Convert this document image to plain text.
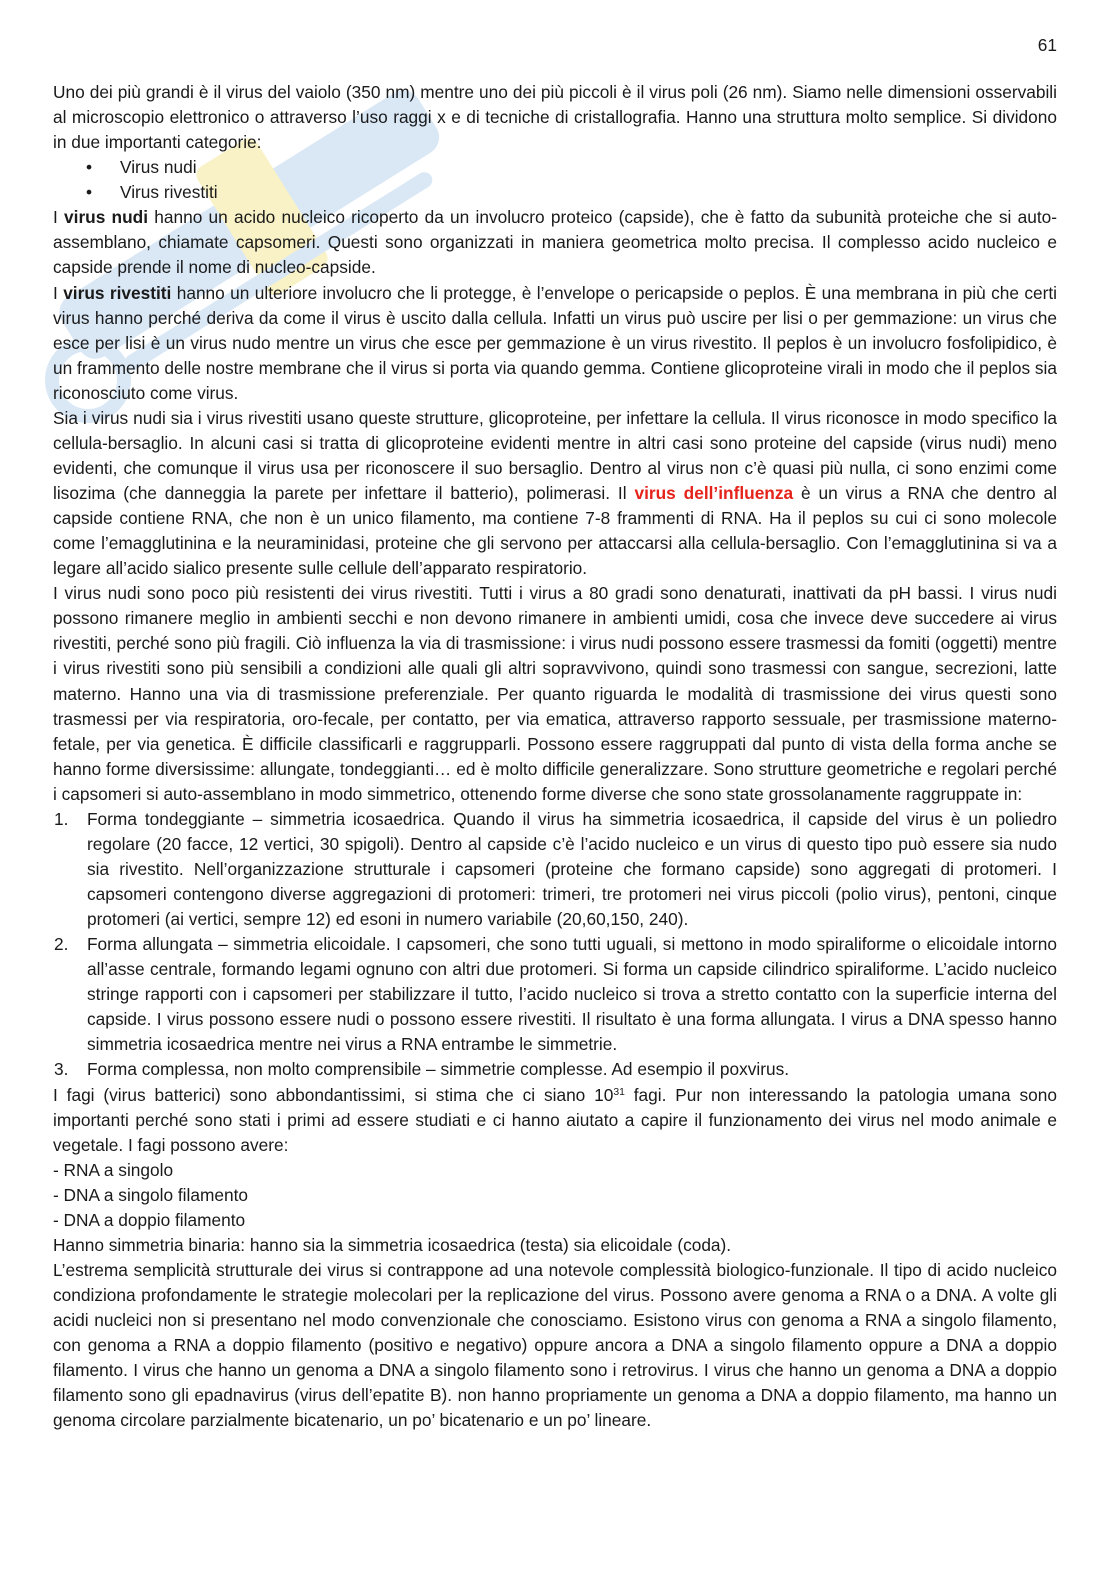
61

Uno dei più grandi è il virus del vaiolo (350 nm) mentre uno dei più piccoli è il virus poli (26 nm). Siamo nelle dimensioni osservabili al microscopio elettronico o attraverso l’uso raggi x e di tecniche di cristallografia. Hanno una struttura molto semplice. Si dividono in due importanti categorie:

• Virus nudi
• Virus rivestiti

I virus nudi hanno un acido nucleico ricoperto da un involucro proteico (capside), che è fatto da subunità proteiche che si auto-assemblano, chiamate capsomeri. Questi sono organizzati in maniera geometrica molto precisa. Il complesso acido nucleico e capside prende il nome di nucleo-capside.

I virus rivestiti hanno un ulteriore involucro che li protegge, è l’envelope o pericapside o peplos. È una membrana in più che certi virus hanno perché deriva da come il virus è uscito dalla cellula. Infatti un virus può uscire per lisi o per gemmazione: un virus che esce per lisi è un virus nudo mentre un virus che esce per gemmazione è un virus rivestito. Il peplos è un involucro fosfolipidico, è un frammento delle nostre membrane che il virus si porta via quando gemma. Contiene glicoproteine virali in modo che il peplos sia riconosciuto come virus.

Sia i virus nudi sia i virus rivestiti usano queste strutture, glicoproteine, per infettare la cellula. Il virus riconosce in modo specifico la cellula-bersaglio. In alcuni casi si tratta di glicoproteine evidenti mentre in altri casi sono proteine del capside (virus nudi) meno evidenti, che comunque il virus usa per riconoscere il suo bersaglio. Dentro al virus non c’è quasi più nulla, ci sono enzimi come lisozima (che danneggia la parete per infettare il batterio), polimerasi. Il virus dell’influenza è un virus a RNA che dentro al capside contiene RNA, che non è un unico filamento, ma contiene 7-8 frammenti di RNA. Ha il peplos su cui ci sono molecole come l’emagglutinina e la neuraminidasi, proteine che gli servono per attaccarsi alla cellula-bersaglio. Con l’emagglutinina si va a legare all’acido sialico presente sulle cellule dell’apparato respiratorio.

I virus nudi sono poco più resistenti dei virus rivestiti. Tutti i virus a 80 gradi sono denaturati, inattivati da pH bassi. I virus nudi possono rimanere meglio in ambienti secchi e non devono rimanere in ambienti umidi, cosa che invece deve succedere ai virus rivestiti, perché sono più fragili. Ciò influenza la via di trasmissione: i virus nudi possono essere trasmessi da fomiti (oggetti) mentre i virus rivestiti sono più sensibili a condizioni alle quali gli altri sopravvivono, quindi sono trasmessi con sangue, secrezioni, latte materno. Hanno una via di trasmissione preferenziale. Per quanto riguarda le modalità di trasmissione dei virus questi sono trasmessi per via respiratoria, oro-fecale, per contatto, per via ematica, attraverso rapporto sessuale, per trasmissione materno-fetale, per via genetica. È difficile classificarli e raggrupparli. Possono essere raggruppati dal punto di vista della forma anche se hanno forme diversissime: allungate, tondeggianti… ed è molto difficile generalizzare. Sono strutture geometriche e regolari perché i capsomeri si auto-assemblano in modo simmetrico, ottenendo forme diverse che sono state grossolanamente raggruppate in:

1. Forma tondeggiante – simmetria icosaedrica. Quando il virus ha simmetria icosaedrica, il capside del virus è un poliedro regolare (20 facce, 12 vertici, 30 spigoli). Dentro al capside c’è l’acido nucleico e un virus di questo tipo può essere sia nudo sia rivestito. Nell’organizzazione strutturale i capsomeri (proteine che formano capside) sono aggregati di protomeri. I capsomeri contengono diverse aggregazioni di protomeri: trimeri, tre protomeri nei virus piccoli (polio virus), pentoni, cinque protomeri (ai vertici, sempre 12) ed esoni in numero variabile (20,60,150, 240).
2. Forma allungata – simmetria elicoidale. I capsomeri, che sono tutti uguali, si mettono in modo spiraliforme o elicoidale intorno all’asse centrale, formando legami ognuno con altri due protomeri. Si forma un capside cilindrico spiraliforme. L’acido nucleico stringe rapporti con i capsomeri per stabilizzare il tutto, l’acido nucleico si trova a stretto contatto con la superficie interna del capside. I virus possono essere nudi o possono essere rivestiti. Il risultato è una forma allungata. I virus a DNA spesso hanno simmetria icosaedrica mentre nei virus a RNA entrambe le simmetrie.
3. Forma complessa, non molto comprensibile – simmetrie complesse. Ad esempio il poxvirus.

I fagi (virus batterici) sono abbondantissimi, si stima che ci siano $10^{31}$ fagi. Pur non interessando la patologia umana sono importanti perché sono stati i primi ad essere studiati e ci hanno aiutato a capire il funzionamento dei virus nel modo animale e vegetale. I fagi possono avere:

- RNA a singolo
- DNA a singolo filamento
- DNA a doppio filamento

Hanno simmetria binaria: hanno sia la simmetria icosaedrica (testa) sia elicoidale (coda).

L’estrema semplicità strutturale dei virus si contrappone ad una notevole complessità biologico-funzionale. Il tipo di acido nucleico condiziona profondamente le strategie molecolari per la replicazione del virus. Possono avere genoma a RNA o a DNA. A volte gli acidi nucleici non si presentano nel modo convenzionale che conosciamo. Esistono virus con genoma a RNA a singolo filamento, con genoma a RNA a doppio filamento (positivo e negativo) oppure ancora a DNA a singolo filamento oppure a DNA a doppio filamento. I virus che hanno un genoma a DNA a singolo filamento sono i retrovirus. I virus che hanno un genoma a DNA a doppio filamento sono gli epadnavirus (virus dell’epatite B). non hanno propriamente un genoma a DNA a doppio filamento, ma hanno un genoma circolare parzialmente bicatenario, un po’ bicatenario e un po’ lineare.
